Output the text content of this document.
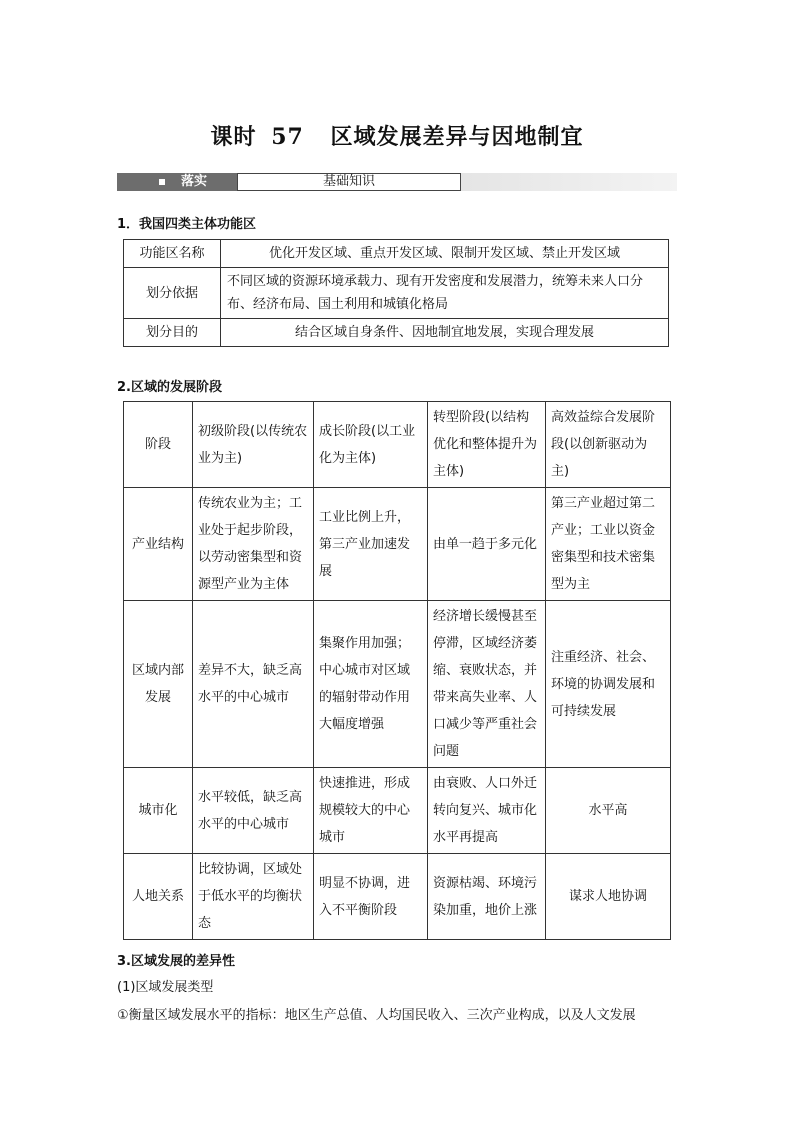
课时 57 区域发展差异与因地制宜
落实	基础知识
1．我国四类主体功能区
功能区名称	优化开发区域、重点开发区域、限制开发区域、禁止开发区域
划分依据	不同区域的资源环境承载力、现有开发密度和发展潜力，统筹未来人口分布、经济布局、国土利用和城镇化格局
划分目的	结合区域自身条件、因地制宜地发展，实现合理发展
2.区域的发展阶段
阶段	初级阶段(以传统农业为主)	成长阶段(以工业化为主体)	转型阶段(以结构优化和整体提升为主体)	高效益综合发展阶段(以创新驱动为主)
产业结构	传统农业为主；工业处于起步阶段，以劳动密集型和资源型产业为主体	工业比例上升，第三产业加速发展	由单一趋于多元化	第三产业超过第二产业；工业以资金密集型和技术密集型为主
区域内部发展	差异不大，缺乏高水平的中心城市	集聚作用加强；中心城市对区域的辐射带动作用大幅度增强	经济增长缓慢甚至停滞，区域经济萎缩、衰败状态，并带来高失业率、人口减少等严重社会问题	注重经济、社会、环境的协调发展和可持续发展
城市化	水平较低，缺乏高水平的中心城市	快速推进，形成规模较大的中心城市	由衰败、人口外迁转向复兴、城市化水平再提高	水平高
人地关系	比较协调，区域处于低水平的均衡状态	明显不协调，进入不平衡阶段	资源枯竭、环境污染加重，地价上涨	谋求人地协调
3.区域发展的差异性
(1)区域发展类型
①衡量区域发展水平的指标：地区生产总值、人均国民收入、三次产业构成，以及人文发展
